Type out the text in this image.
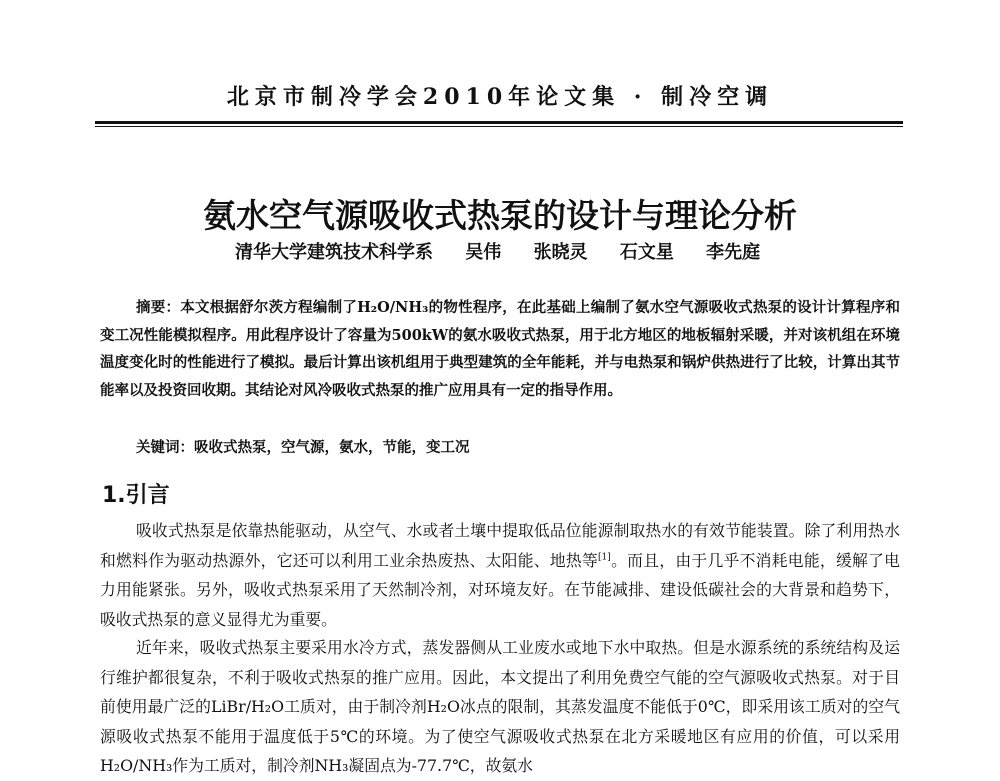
北京市制冷学会2010年论文集 · 制冷空调
氨水空气源吸收式热泵的设计与理论分析
清华大学建筑技术科学系 吴伟 张晓灵 石文星 李先庭

摘要：本文根据舒尔茨方程编制了H₂O/NH₃的物性程序，在此基础上编制了氨水空气源吸收式热泵的设计计算程序和变工况性能模拟程序。用此程序设计了容量为500kW的氨水吸收式热泵，用于北方地区的地板辐射采暖，并对该机组在环境温度变化时的性能进行了模拟。最后计算出该机组用于典型建筑的全年能耗，并与电热泵和锅炉供热进行了比较，计算出其节能率以及投资回收期。其结论对风冷吸收式热泵的推广应用具有一定的指导作用。

关键词：吸收式热泵，空气源，氨水，节能，变工况
1.引言

吸收式热泵是依靠热能驱动，从空气、水或者土壤中提取低品位能源制取热水的有效节能装置。除了利用热水和燃料作为驱动热源外，它还可以利用工业余热废热、太阳能、地热等[1]。而且，由于几乎不消耗电能，缓解了电力用能紧张。另外，吸收式热泵采用了天然制冷剂，对环境友好。在节能减排、建设低碳社会的大背景和趋势下，吸收式热泵的意义显得尤为重要。

近年来，吸收式热泵主要采用水冷方式，蒸发器侧从工业废水或地下水中取热。但是水源系统的系统结构及运行维护都很复杂，不利于吸收式热泵的推广应用。因此，本文提出了利用免费空气能的空气源吸收式热泵。对于目前使用最广泛的LiBr/H₂O工质对，由于制冷剂H₂O冰点的限制，其蒸发温度不能低于0℃，即采用该工质对的空气源吸收式热泵不能用于温度低于5℃的环境。为了使空气源吸收式热泵在北方采暖地区有应用的价值，可以采用H₂O/NH₃作为工质对，制冷剂NH₃凝固点为-77.7℃，故氨水
